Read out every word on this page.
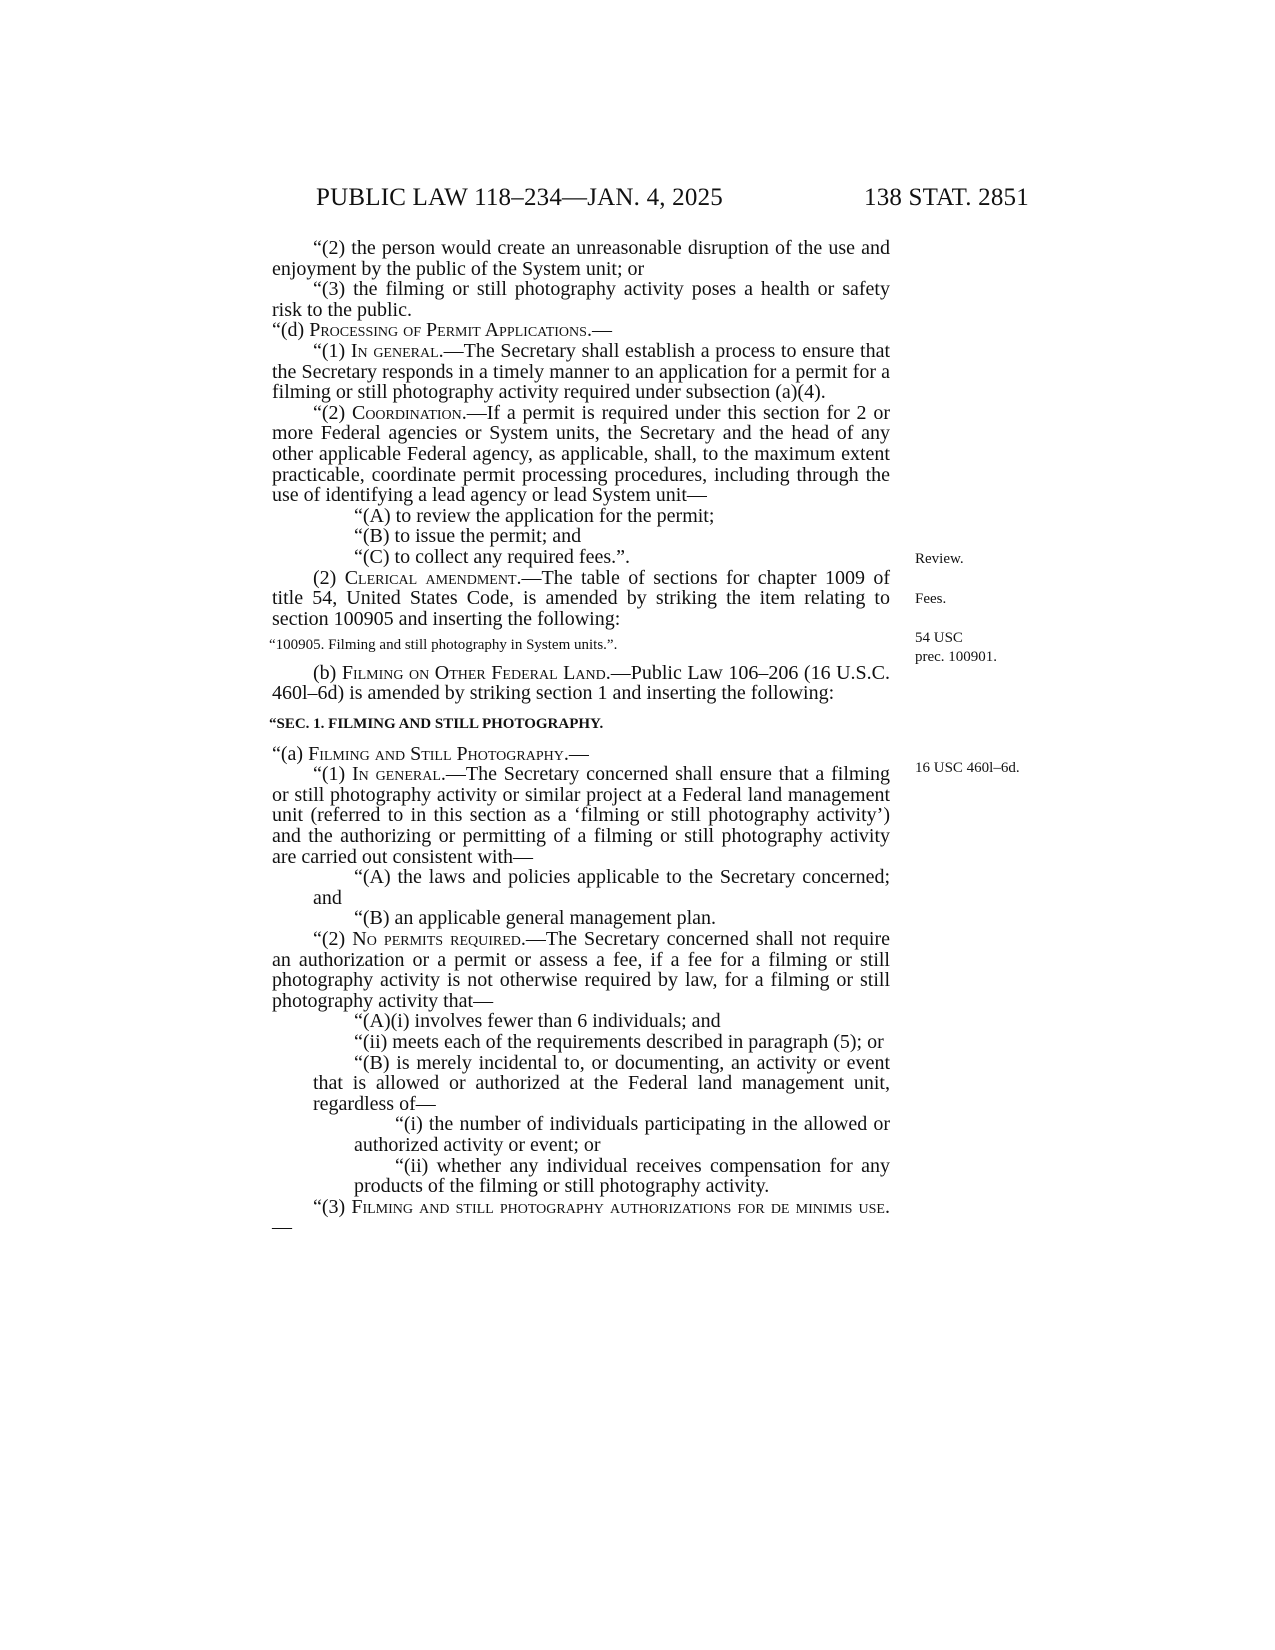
PUBLIC LAW 118–234—JAN. 4, 2025	138 STAT. 2851

“(2) the person would create an unreasonable disruption of the use and enjoyment by the public of the System unit; or

“(3) the filming or still photography activity poses a health or safety risk to the public.

“(d) Processing of Permit Applications.—

“(1) In general.—The Secretary shall establish a process to ensure that the Secretary responds in a timely manner to an application for a permit for a filming or still photography activity required under subsection (a)(4).

“(2) Coordination.—If a permit is required under this section for 2 or more Federal agencies or System units, the Secretary and the head of any other applicable Federal agency, as applicable, shall, to the maximum extent practicable, coordinate permit processing procedures, including through the use of identifying a lead agency or lead System unit—

“(A) to review the application for the permit;

“(B) to issue the permit; and

“(C) to collect any required fees.”.

(2) Clerical amendment.—The table of sections for chapter 1009 of title 54, United States Code, is amended by striking the item relating to section 100905 and inserting the following:

“100905. Filming and still photography in System units.”.

(b) Filming on Other Federal Land.—Public Law 106–206 (16 U.S.C. 460l–6d) is amended by striking section 1 and inserting the following:

“SEC. 1. FILMING AND STILL PHOTOGRAPHY.

“(a) Filming and Still Photography.—

“(1) In general.—The Secretary concerned shall ensure that a filming or still photography activity or similar project at a Federal land management unit (referred to in this section as a ‘filming or still photography activity’) and the authorizing or permitting of a filming or still photography activity are carried out consistent with—

“(A) the laws and policies applicable to the Secretary concerned; and

“(B) an applicable general management plan.

“(2) No permits required.—The Secretary concerned shall not require an authorization or a permit or assess a fee, if a fee for a filming or still photography activity is not otherwise required by law, for a filming or still photography activity that—

“(A)(i) involves fewer than 6 individuals; and

“(ii) meets each of the requirements described in paragraph (5); or

“(B) is merely incidental to, or documenting, an activity or event that is allowed or authorized at the Federal land management unit, regardless of—

“(i) the number of individuals participating in the allowed or authorized activity or event; or

“(ii) whether any individual receives compensation for any products of the filming or still photography activity.

“(3) Filming and still photography authorizations for de minimis use.—

Review.
Fees.
54 USC
prec. 100901.
16 USC 460l–6d.
